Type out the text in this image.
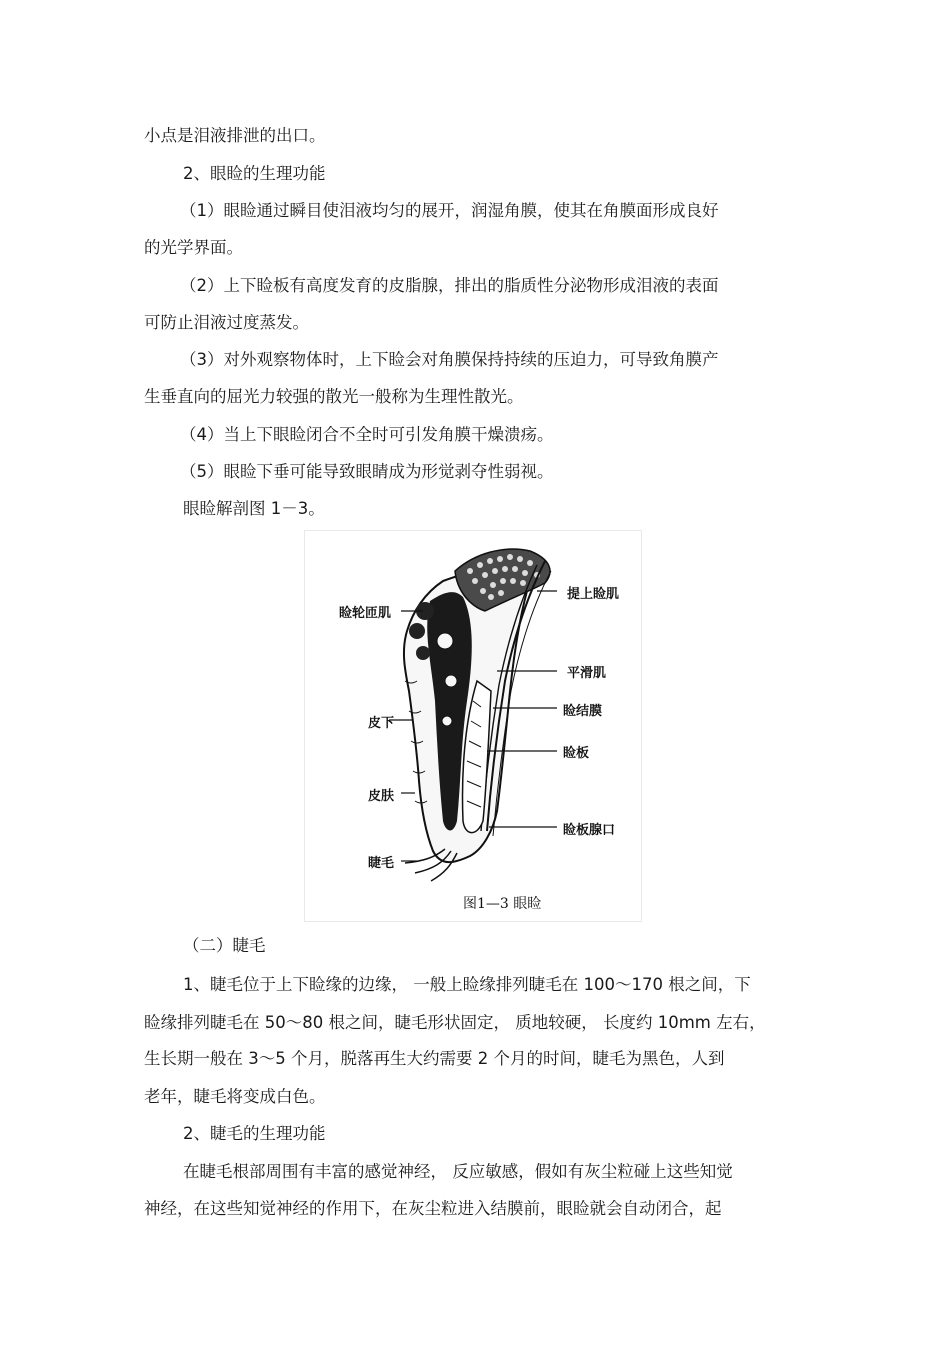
小点是泪液排泄的出口。
2、眼睑的生理功能
（1）眼睑通过瞬目使泪液均匀的展开，润湿角膜，使其在角膜面形成良好
的光学界面。
（2）上下睑板有高度发育的皮脂腺，排出的脂质性分泌物形成泪液的表面
可防止泪液过度蒸发。
（3）对外观察物体时，上下睑会对角膜保持持续的压迫力，可导致角膜产
生垂直向的屈光力较强的散光一般称为生理性散光。
（4）当上下眼睑闭合不全时可引发角膜干燥溃疡。
（5）眼睑下垂可能导致眼睛成为形觉剥夺性弱视。
眼睑解剖图 1－3。
睑轮匝肌
提上睑肌
平滑肌
睑结膜
睑板
皮下
皮肤
睑板腺口
睫毛
图1—3 眼睑
（二）睫毛
1、睫毛位于上下睑缘的边缘， 一般上睑缘排列睫毛在 100～170 根之间，下
睑缘排列睫毛在 50～80 根之间，睫毛形状固定， 质地较硬， 长度约 10mm 左右，
生长期一般在 3～5 个月，脱落再生大约需要 2 个月的时间，睫毛为黑色，人到
老年，睫毛将变成白色。
2、睫毛的生理功能
在睫毛根部周围有丰富的感觉神经， 反应敏感，假如有灰尘粒碰上这些知觉
神经，在这些知觉神经的作用下，在灰尘粒进入结膜前，眼睑就会自动闭合，起
